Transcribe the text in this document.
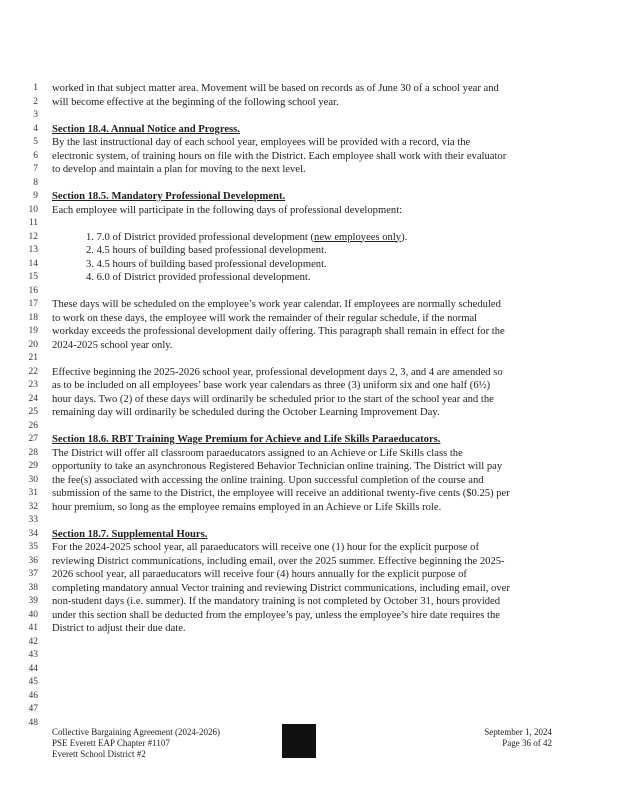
1
2
3
4
5
6
7
8
9
10
11
12
13
14
15
16
17
18
19
20
21
22
23
24
25
26
27
28
29
30
31
32
33
34
35
36
37
38
39
40
41
42
43
44
45
46
47
48
worked in that subject matter area. Movement will be based on records as of June 30 of a school year and
will become effective at the beginning of the following school year.
Section 18.4. Annual Notice and Progress.
By the last instructional day of each school year, employees will be provided with a record, via the
electronic system, of training hours on file with the District. Each employee shall work with their evaluator
to develop and maintain a plan for moving to the next level.
Section 18.5. Mandatory Professional Development.
Each employee will participate in the following days of professional development:
1. 7.0 of District provided professional development (new employees only).
2. 4.5 hours of building based professional development.
3. 4.5 hours of building based professional development.
4. 6.0 of District provided professional development.
These days will be scheduled on the employee’s work year calendar. If employees are normally scheduled
to work on these days, the employee will work the remainder of their regular schedule, if the normal
workday exceeds the professional development daily offering. This paragraph shall remain in effect for the
2024-2025 school year only.
Effective beginning the 2025-2026 school year, professional development days 2, 3, and 4 are amended so
as to be included on all employees’ base work year calendars as three (3) uniform six and one half (6½)
hour days. Two (2) of these days will ordinarily be scheduled prior to the start of the school year and the
remaining day will ordinarily be scheduled during the October Learning Improvement Day.
Section 18.6. RBT Training Wage Premium for Achieve and Life Skills Paraeducators.
The District will offer all classroom paraeducators assigned to an Achieve or Life Skills class the
opportunity to take an asynchronous Registered Behavior Technician online training. The District will pay
the fee(s) associated with accessing the online training. Upon successful completion of the course and
submission of the same to the District, the employee will receive an additional twenty-five cents ($0.25) per
hour premium, so long as the employee remains employed in an Achieve or Life Skills role.
Section 18.7. Supplemental Hours.
For the 2024-2025 school year, all paraeducators will receive one (1) hour for the explicit purpose of
reviewing District communications, including email, over the 2025 summer. Effective beginning the 2025-
2026 school year, all paraeducators will receive four (4) hours annually for the explicit purpose of
completing mandatory annual Vector training and reviewing District communications, including email, over
non-student days (i.e. summer). If the mandatory training is not completed by October 31, hours provided
under this section shall be deducted from the employee’s pay, unless the employee’s hire date requires the
District to adjust their due date.
Collective Bargaining Agreement (2024-2026)
PSE Everett EAP Chapter #1107
Everett School District #2
September 1, 2024
Page 36 of 42
